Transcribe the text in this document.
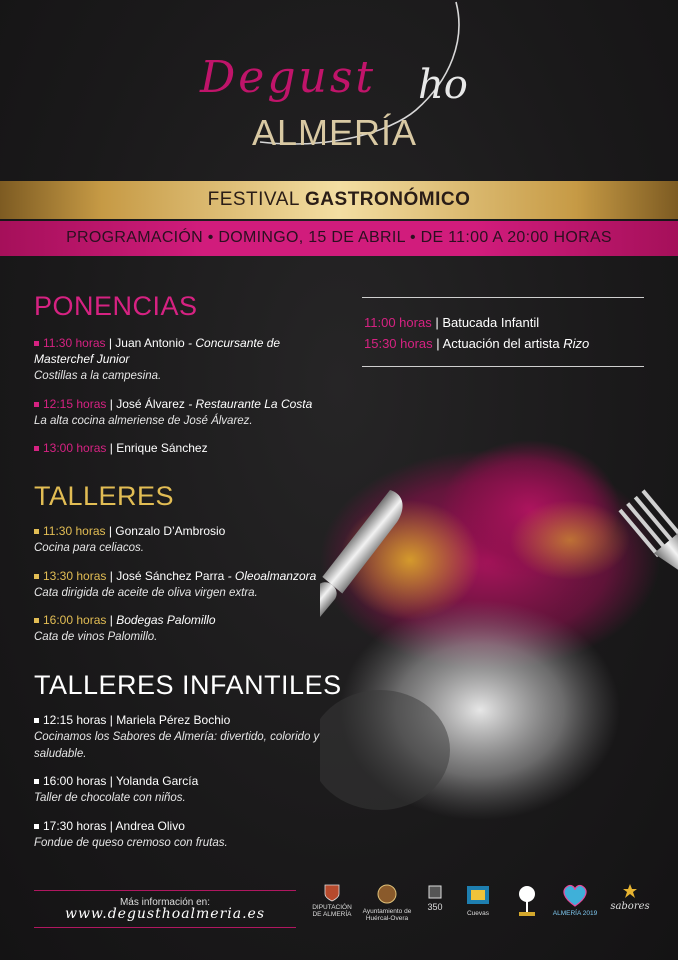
Degust ho
ALMERÍA
FESTIVAL GASTRONÓMICO
PROGRAMACIÓN • DOMINGO, 15 DE ABRIL • DE 11:00 A 20:00 HORAS
PONENCIAS
11:30 horas | Juan Antonio - Concursante de Masterchef Junior
Costillas a la campesina.
12:15 horas | José Álvarez - Restaurante La Costa
La alta cocina almeriense de José Álvarez.
13:00 horas | Enrique Sánchez
TALLERES
11:30 horas | Gonzalo D’Ambrosio
Cocina para celiacos.
13:30 horas | José Sánchez Parra - Oleoalmanzora
Cata dirigida de aceite de oliva virgen extra.
16:00 horas | Bodegas Palomillo
Cata de vinos Palomillo.
TALLERES INFANTILES
12:15 horas | Mariela Pérez Bochio
Cocinamos los Sabores de Almería: divertido, colorido y saludable.
16:00 horas | Yolanda García
Taller de chocolate con niños.
17:30 horas | Andrea Olivo
Fondue de queso cremoso con frutas.
11:00 horas | Batucada Infantil
15:30 horas | Actuación del artista Rizo
Más información en:
www.degusthoalmeria.es	DIPUTACIÓN DE ALMERÍA	Ayuntamiento de Huércal-Overa
350
Cuevas	ALMERÍA 2019
sabores
